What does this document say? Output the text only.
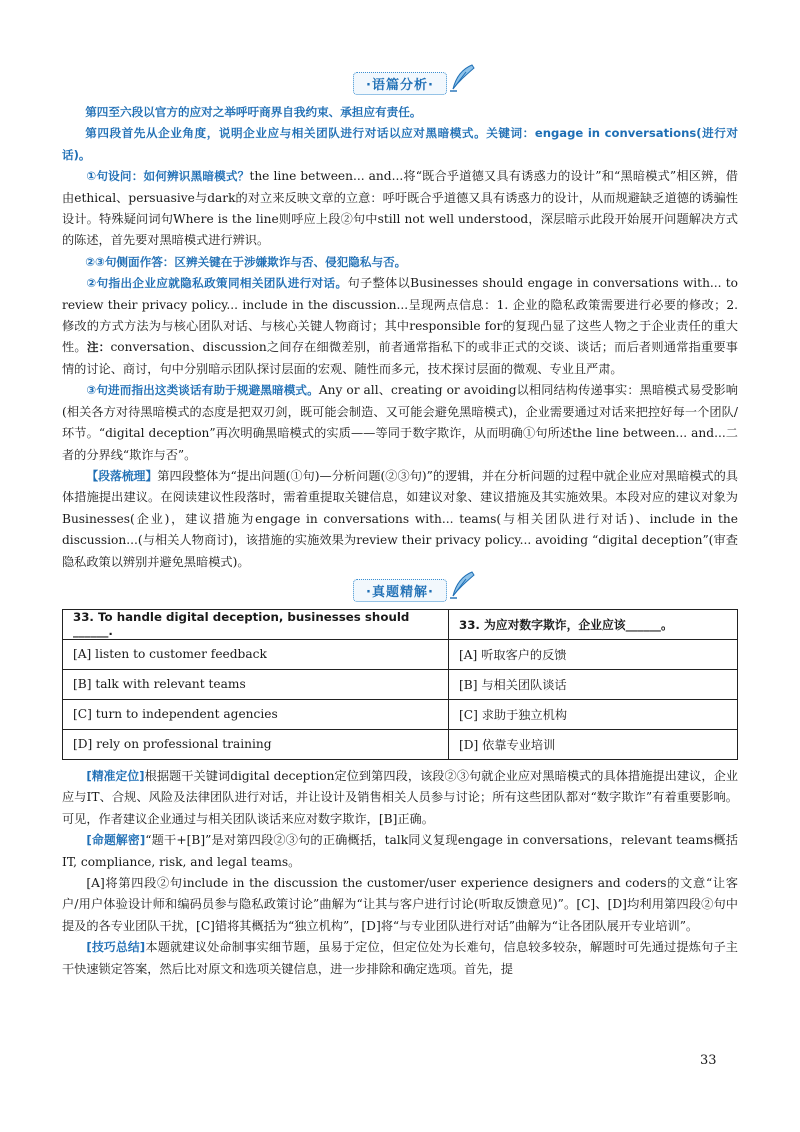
·语篇分析·

第四至六段以官方的应对之举呼吁商界自我约束、承担应有责任。

第四段首先从企业角度，说明企业应与相关团队进行对话以应对黑暗模式。关键词：engage in conversations(进行对话)。

①句设问：如何辨识黑暗模式？the line between... and...将“既合乎道德又具有诱惑力的设计”和“黑暗模式”相区辨，借由ethical、persuasive与dark的对立来反映文章的立意：呼吁既合乎道德又具有诱惑力的设计，从而规避缺乏道德的诱骗性设计。特殊疑问词句Where is the line则呼应上段②句中still not well understood，深层暗示此段开始展开问题解决方式的陈述，首先要对黑暗模式进行辨识。

②③句侧面作答：区辨关键在于涉嫌欺诈与否、侵犯隐私与否。

②句指出企业应就隐私政策同相关团队进行对话。句子整体以Businesses should engage in conversations with... to review their privacy policy... include in the discussion...呈现两点信息：1. 企业的隐私政策需要进行必要的修改；2. 修改的方式方法为与核心团队对话、与核心关键人物商讨；其中responsible for的复现凸显了这些人物之于企业责任的重大性。注：conversation、discussion之间存在细微差别，前者通常指私下的或非正式的交谈、谈话；而后者则通常指重要事情的讨论、商讨，句中分别暗示团队探讨层面的宏观、随性而多元，技术探讨层面的微观、专业且严肃。

③句进而指出这类谈话有助于规避黑暗模式。Any or all、creating or avoiding以相同结构传递事实：黑暗模式易受影响(相关各方对待黑暗模式的态度是把双刃剑，既可能会制造、又可能会避免黑暗模式)，企业需要通过对话来把控好每一个团队/环节。“digital deception”再次明确黑暗模式的实质——等同于数字欺诈，从而明确①句所述the line between... and...二者的分界线“欺诈与否”。

【段落梳理】第四段整体为“提出问题(①句)—分析问题(②③句)”的逻辑，并在分析问题的过程中就企业应对黑暗模式的具体措施提出建议。在阅读建议性段落时，需着重提取关键信息，如建议对象、建议措施及其实施效果。本段对应的建议对象为Businesses(企业)，建议措施为engage in conversations with... teams(与相关团队进行对话)、include in the discussion...(与相关人物商讨)，该措施的实施效果为review their privacy policy... avoiding “digital deception”(审查隐私政策以辨别并避免黑暗模式)。

·真题精解·
33. To handle digital deception, businesses should ______.	33. 为应对数字欺诈，企业应该______。
[A] listen to customer feedback	[A] 听取客户的反馈
[B] talk with relevant teams	[B] 与相关团队谈话
[C] turn to independent agencies	[C] 求助于独立机构
[D] rely on professional training	[D] 依靠专业培训

[精准定位]根据题干关键词digital deception定位到第四段，该段②③句就企业应对黑暗模式的具体措施提出建议，企业应与IT、合规、风险及法律团队进行对话，并让设计及销售相关人员参与讨论；所有这些团队都对“数字欺诈”有着重要影响。可见，作者建议企业通过与相关团队谈话来应对数字欺诈，[B]正确。

[命题解密]“题干+[B]”是对第四段②③句的正确概括，talk同义复现engage in conversations，relevant teams概括IT, compliance, risk, and legal teams。

[A]将第四段②句include in the discussion the customer/user experience designers and coders的文意“让客户/用户体验设计师和编码员参与隐私政策讨论”曲解为“让其与客户进行讨论(听取反馈意见)”。[C]、[D]均利用第四段②句中提及的各专业团队干扰，[C]错将其概括为“独立机构”，[D]将“与专业团队进行对话”曲解为“让各团队展开专业培训”。

[技巧总结]本题就建议处命制事实细节题，虽易于定位，但定位处为长难句，信息较多较杂，解题时可先通过提炼句子主干快速锁定答案，然后比对原文和选项关键信息，进一步排除和确定选项。首先，提

33
